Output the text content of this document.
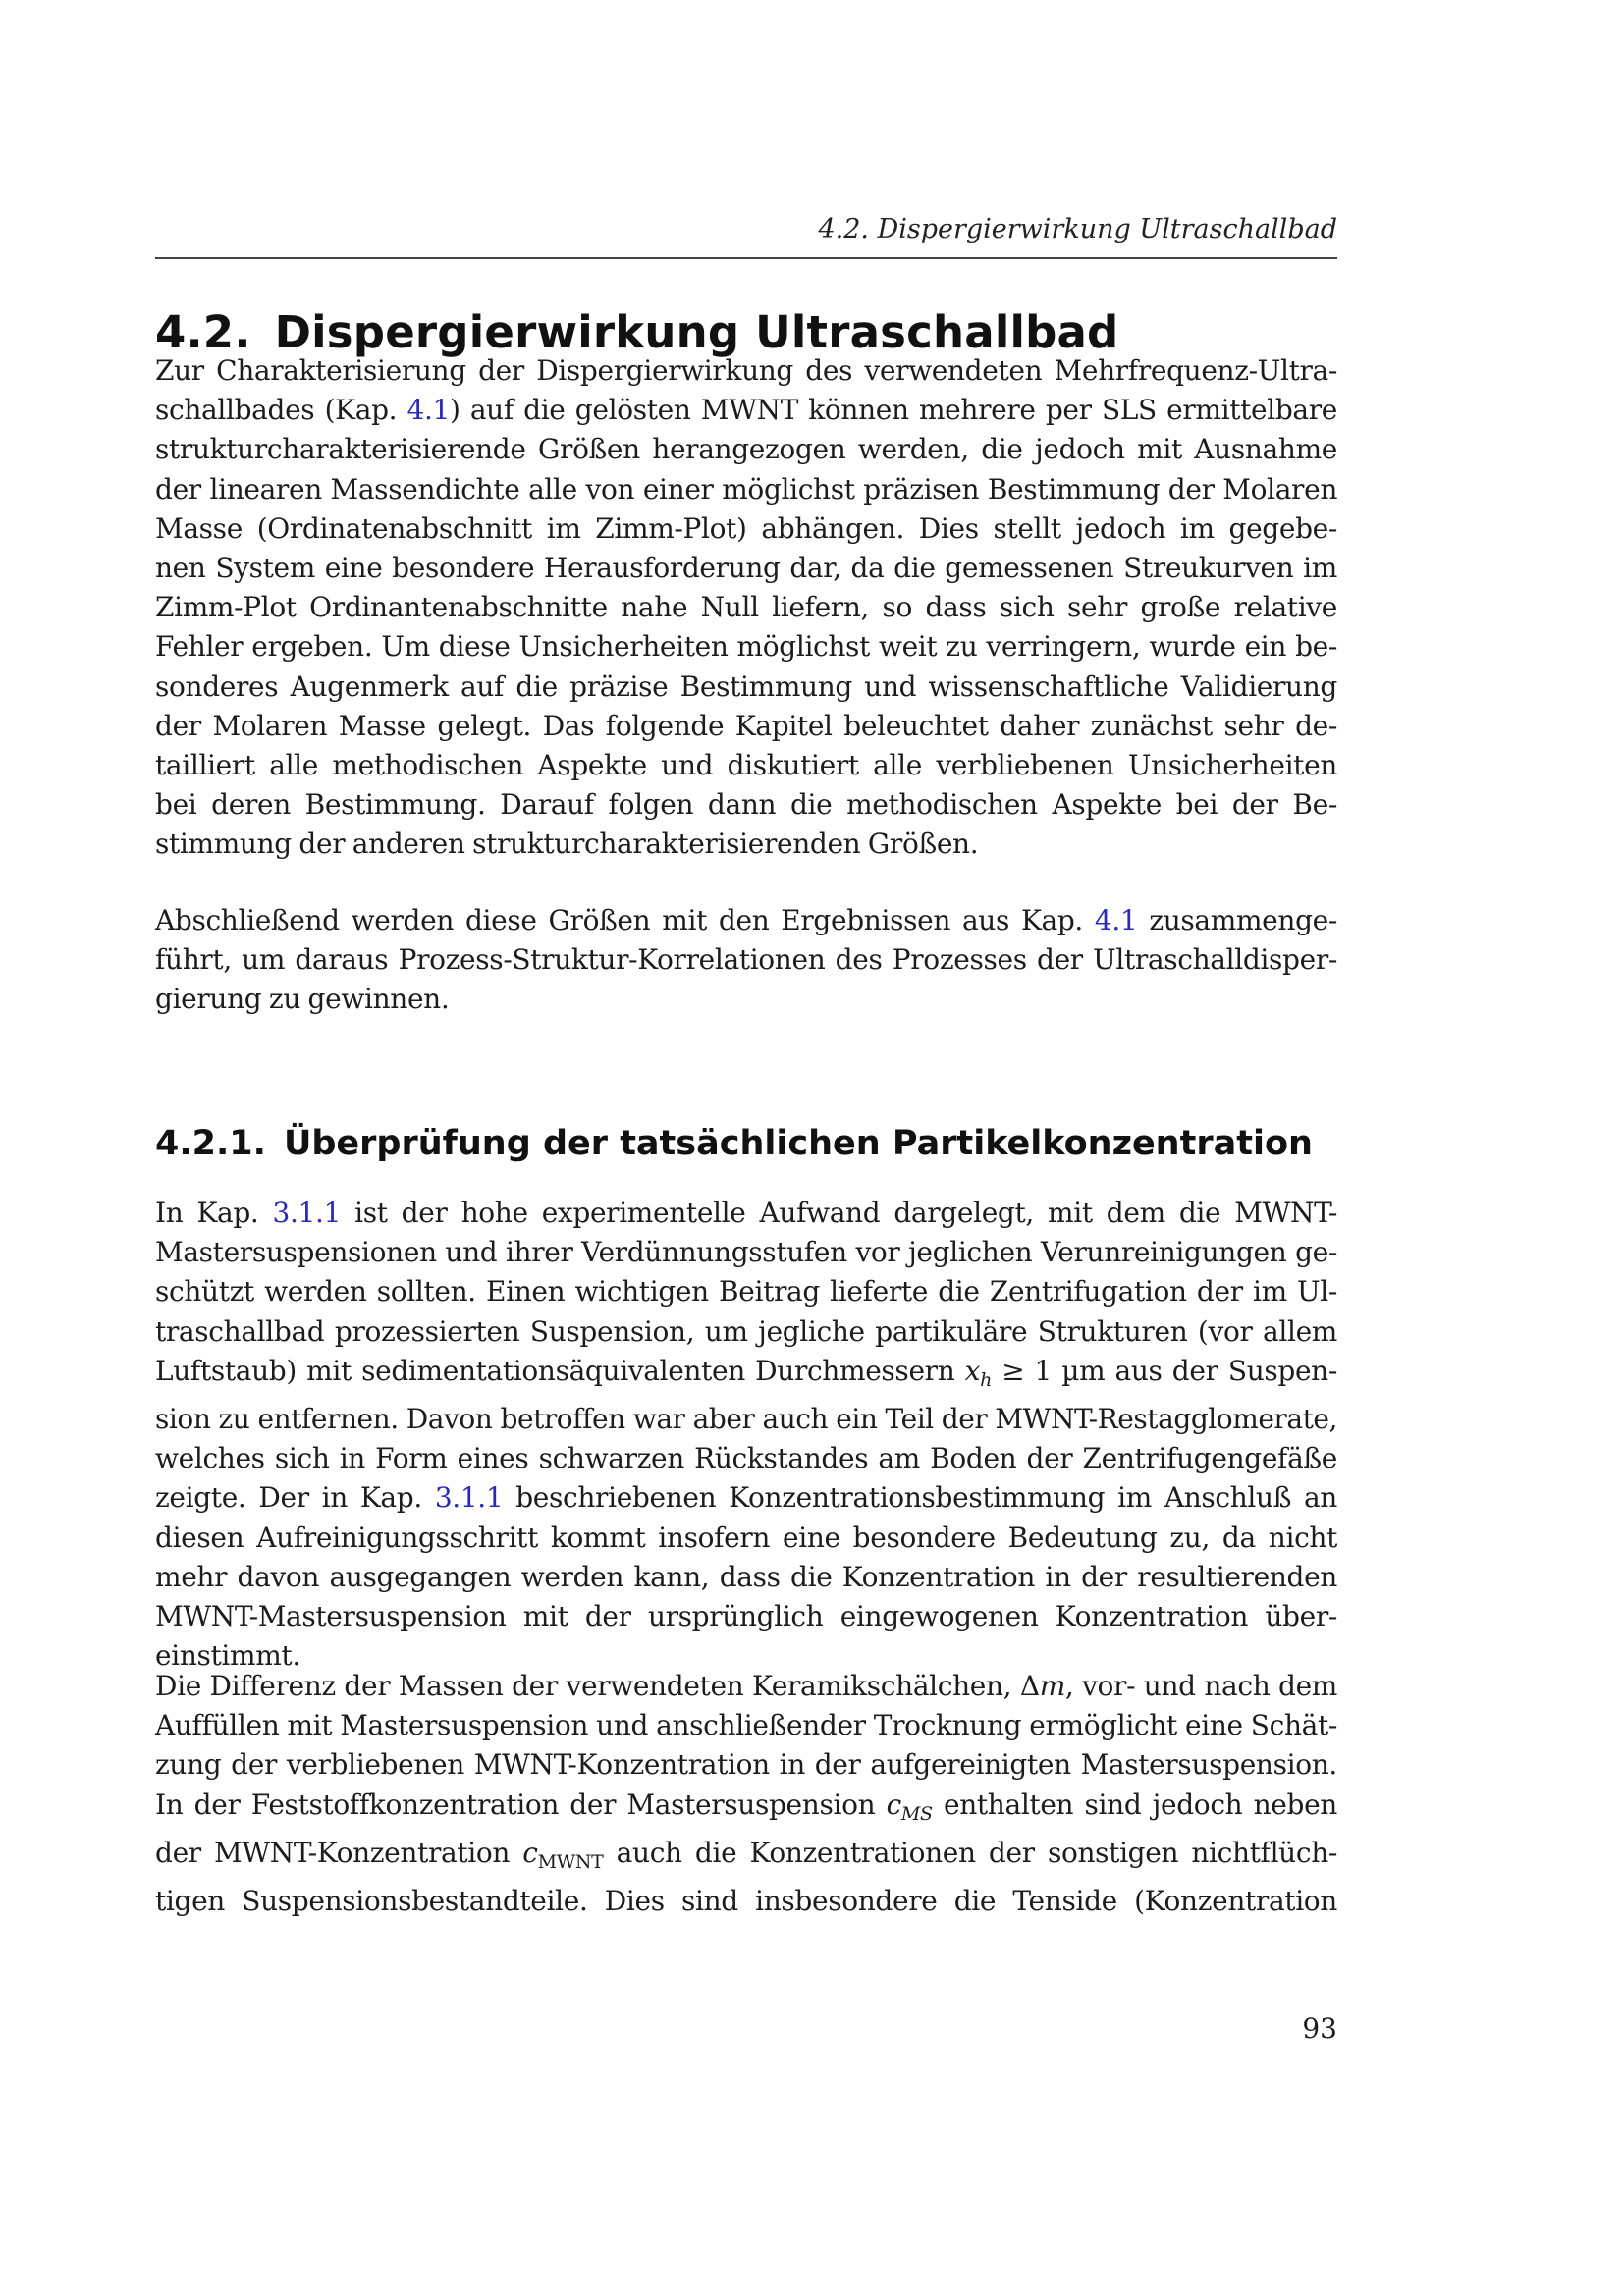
4.2. Dispergierwirkung Ultraschallbad
4.2. Dispergierwirkung Ultraschallbad

Zur Charakterisierung der Dispergierwirkung des verwendeten Mehrfrequenz-Ultra-
schallbades (Kap. 4.1) auf die gelösten MWNT können mehrere per SLS ermittelbare
strukturcharakterisierende Größen herangezogen werden, die jedoch mit Ausnahme
der linearen Massendichte alle von einer möglichst präzisen Bestimmung der Molaren
Masse (Ordinatenabschnitt im Zimm-Plot) abhängen. Dies stellt jedoch im gegebe-
nen System eine besondere Herausforderung dar, da die gemessenen Streukurven im
Zimm-Plot Ordinantenabschnitte nahe Null liefern, so dass sich sehr große relative
Fehler ergeben. Um diese Unsicherheiten möglichst weit zu verringern, wurde ein be-
sonderes Augenmerk auf die präzise Bestimmung und wissenschaftliche Validierung
der Molaren Masse gelegt. Das folgende Kapitel beleuchtet daher zunächst sehr de-
tailliert alle methodischen Aspekte und diskutiert alle verbliebenen Unsicherheiten
bei deren Bestimmung. Darauf folgen dann die methodischen Aspekte bei der Be-
stimmung der anderen strukturcharakterisierenden Größen.

Abschließend werden diese Größen mit den Ergebnissen aus Kap. 4.1 zusammenge-
führt, um daraus Prozess-Struktur-Korrelationen des Prozesses der Ultraschalldisper-
gierung zu gewinnen.

4.2.1. Überprüfung der tatsächlichen Partikelkonzentration

In Kap. 3.1.1 ist der hohe experimentelle Aufwand dargelegt, mit dem die MWNT-
Mastersuspensionen und ihrer Verdünnungsstufen vor jeglichen Verunreinigungen ge-
schützt werden sollten. Einen wichtigen Beitrag lieferte die Zentrifugation der im Ul-
traschallbad prozessierten Suspension, um jegliche partikuläre Strukturen (vor allem
Luftstaub) mit sedimentationsäquivalenten Durchmessern $x_h \ge 1$ µm aus der Suspen-
sion zu entfernen. Davon betroffen war aber auch ein Teil der MWNT-Restagglomerate,
welches sich in Form eines schwarzen Rückstandes am Boden der Zentrifugengefäße
zeigte. Der in Kap. 3.1.1 beschriebenen Konzentrationsbestimmung im Anschluß an
diesen Aufreinigungsschritt kommt insofern eine besondere Bedeutung zu, da nicht
mehr davon ausgegangen werden kann, dass die Konzentration in der resultierenden
MWNT-Mastersuspension mit der ursprünglich eingewogenen Konzentration über-
einstimmt.

Die Differenz der Massen der verwendeten Keramikschälchen, Δm, vor- und nach dem
Auffüllen mit Mastersuspension und anschließender Trocknung ermöglicht eine Schät-
zung der verbliebenen MWNT-Konzentration in der aufgereinigten Mastersuspension.
In der Feststoffkonzentration der Mastersuspension $c_{MS}$ enthalten sind jedoch neben
der MWNT-Konzentration $c_{MWNT}$ auch die Konzentrationen der sonstigen nichtflüch-
tigen Suspensionsbestandteile. Dies sind insbesondere die Tenside (Konzentration

93
